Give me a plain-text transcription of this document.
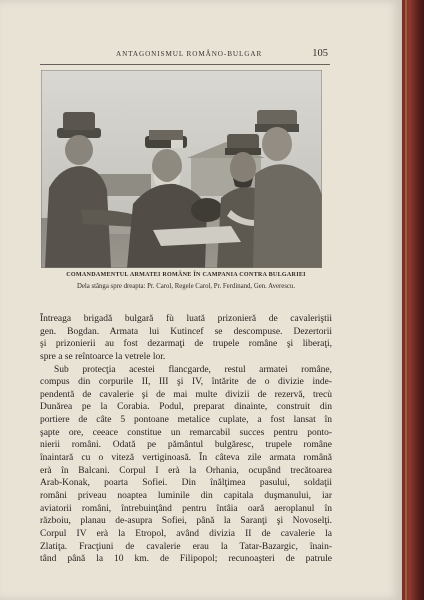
ANTAGONISMUL ROMÂNO-BULGAR	105
COMANDAMENTUL ARMATEI ROMÂNE ÎN CAMPANIA CONTRA BULGARIEI
Dela stânga spre dreapta: Pr. Carol, Regele Carol, Pr. Ferdinand, Gen. Averescu.
Întreaga brigadă bulgară fù luată prizonieră de cavaleriştii
gen. Bogdan. Armata lui Kutincef se descompuse. Dezertorii
şi prizonierii au fost dezarmaţi de trupele române şi liberaţi,
spre a se reîntoarce la vetrele lor.
Sub protecţia acestei flancgarde, restul armatei române,
compus din corpurile II, III şi IV, întărite de o divizie inde-
pendentă de cavalerie şi de mai multe divizii de rezervă, trecù
Dunărea pe la Corabia. Podul, preparat dinainte, construit din
portiere de câte 5 pontoane metalice cuplate, a fost lansat în
şapte ore, ceeace constitue un remarcabil succes pentru ponto-
nierii români. Odată pe pământul bulgăresc, trupele române
înaintară cu o viteză vertiginoasă. În câteva zile armata română
erà în Balcani. Corpul I erà la Orhania, ocupând trecătoarea
Arab-Konak, poarta Sofiei. Din înălţimea pasului, soldaţii
români priveau noaptea luminile din capitala duşmanului, iar
aviatorii români, întrebuinţând pentru întâia oară aeroplanul în
războiu, planau de-asupra Sofiei, până la Saranţi şi Novoselţi.
Corpul IV erà la Etropol, având divizia II de cavalerie la
Zlatiţa. Fracţiuni de cavalerie erau la Tatar-Bazargic, înain-
tând până la 10 km. de Filipopol; recunoaşteri de patrule
